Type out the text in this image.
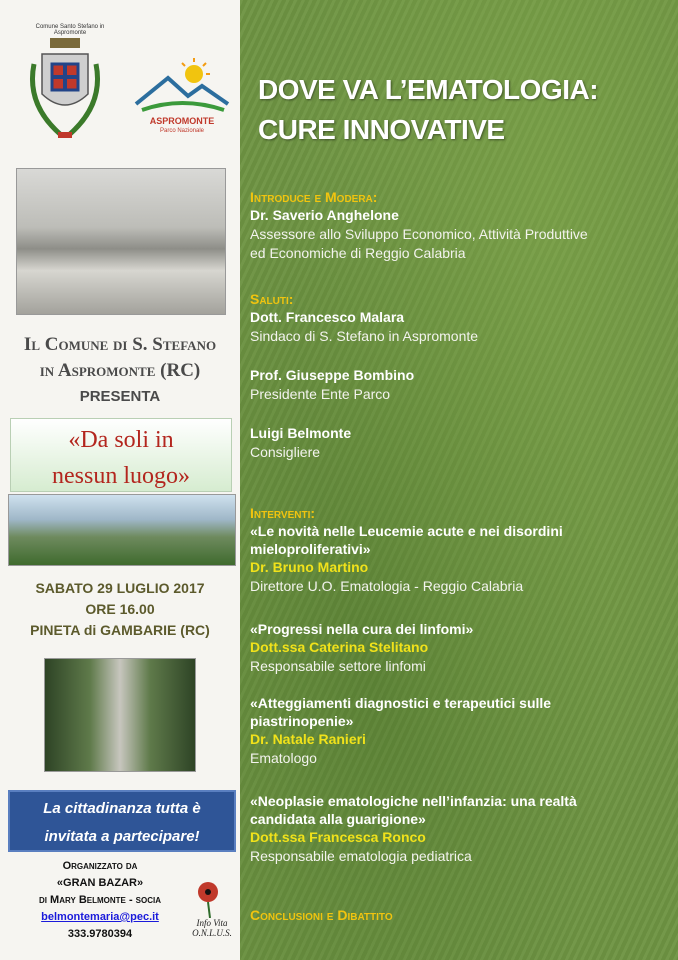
Comune Santo Stefano in Aspromonte
ASPROMONTE
Parco Nazionale
Il Comune di S. Stefano
in Aspromonte (RC)
PRESENTA
«Da soli in
nessun luogo»
SABATO 29 LUGLIO 2017
ORE 16.00
PINETA di GAMBARIE (RC)
La cittadinanza tutta è
invitata a partecipare!
Organizzato da
«GRAN BAZAR»
di Mary Belmonte - socia
belmontemaria@pec.it
333.9780394
Info Vita O.N.L.U.S.
DOVE VA L’EMATOLOGIA:
CURE INNOVATIVE
Introduce e Modera:
Dr. Saverio Anghelone
Assessore allo Sviluppo Economico, Attività Produttive
ed Economiche di Reggio Calabria
Saluti:
Dott. Francesco Malara
Sindaco di S. Stefano in Aspromonte
Prof. Giuseppe Bombino
Presidente Ente Parco
Luigi Belmonte
Consigliere
Interventi:
«Le novità nelle Leucemie acute e nei disordini
mieloproliferativi»
Dr. Bruno Martino
Direttore U.O. Ematologia - Reggio Calabria
«Progressi nella cura dei linfomi»
Dott.ssa Caterina Stelitano
Responsabile settore linfomi
«Atteggiamenti diagnostici e terapeutici sulle
piastrinopenie»
Dr. Natale Ranieri
Ematologo
«Neoplasie ematologiche nell’infanzia: una realtà
candidata alla guarigione»
Dott.ssa Francesca Ronco
Responsabile ematologia pediatrica
Conclusioni e Dibattito
